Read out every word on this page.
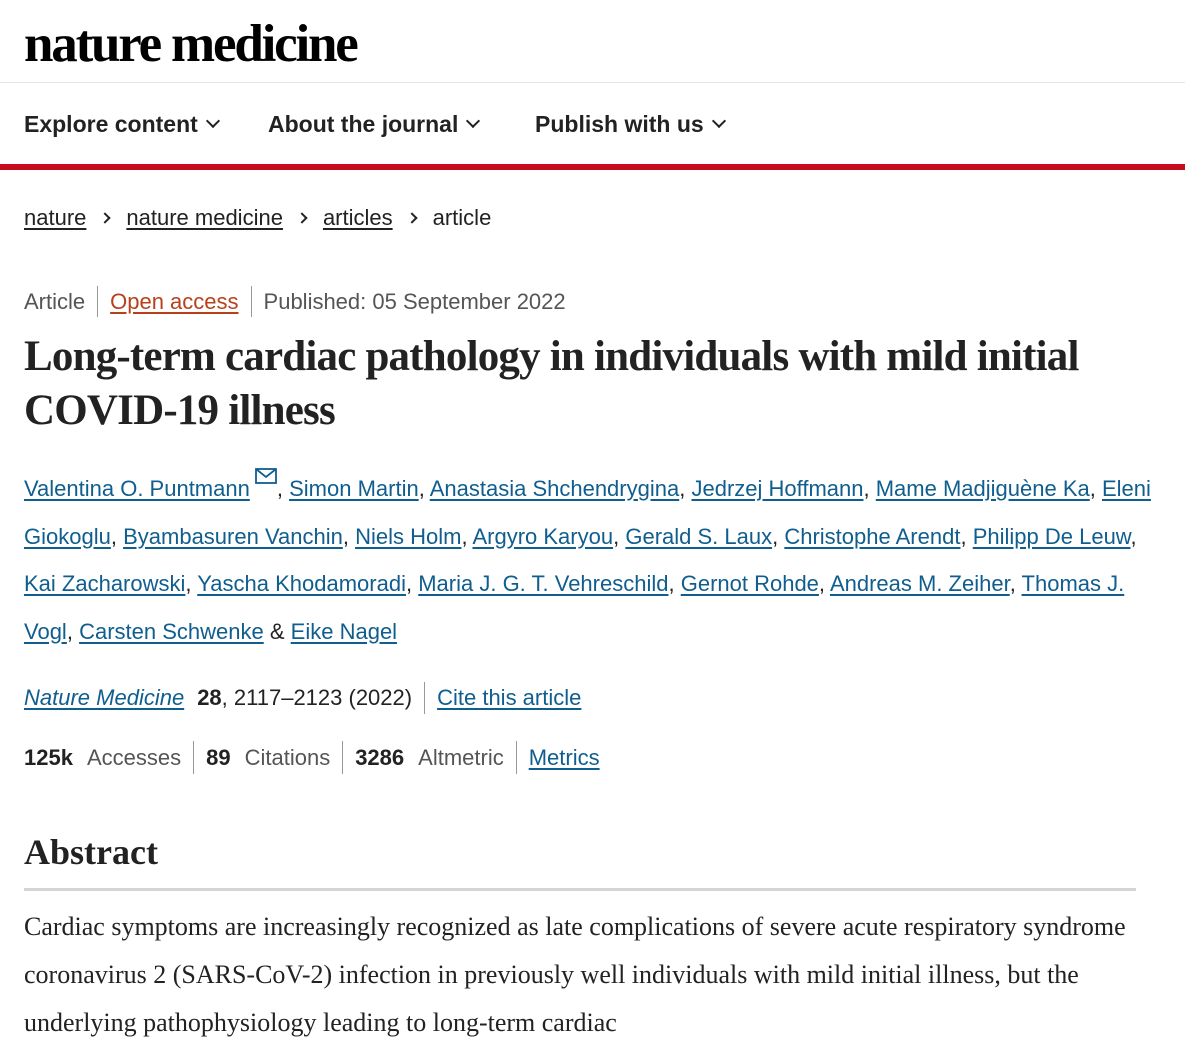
nature medicine
Explore content	About the journal	Publish with us
nature nature medicine articles article
Article Open access Published: 05 September 2022
Long-term cardiac pathology in individuals with mild initial COVID-19 illness
Valentina O. Puntmann , Simon Martin, Anastasia Shchendrygina, Jedrzej Hoffmann, Mame Madjiguène Ka, Eleni Giokoglu, Byambasuren Vanchin, Niels Holm, Argyro Karyou, Gerald S. Laux, Christophe Arendt, Philipp De Leuw, Kai Zacharowski, Yascha Khodamoradi, Maria J. G. T. Vehreschild, Gernot Rohde, Andreas M. Zeiher, Thomas J. Vogl, Carsten Schwenke & Eike Nagel
Nature Medicine 28 , 2117–2123 (2022) Cite this article
125k Accesses 89 Citations 3286 Altmetric Metrics
Abstract

Cardiac symptoms are increasingly recognized as late complications of severe acute respiratory syndrome coronavirus 2 (SARS-CoV-2) infection in previously well individuals with mild initial illness, but the underlying pathophysiology leading to long-term cardiac
